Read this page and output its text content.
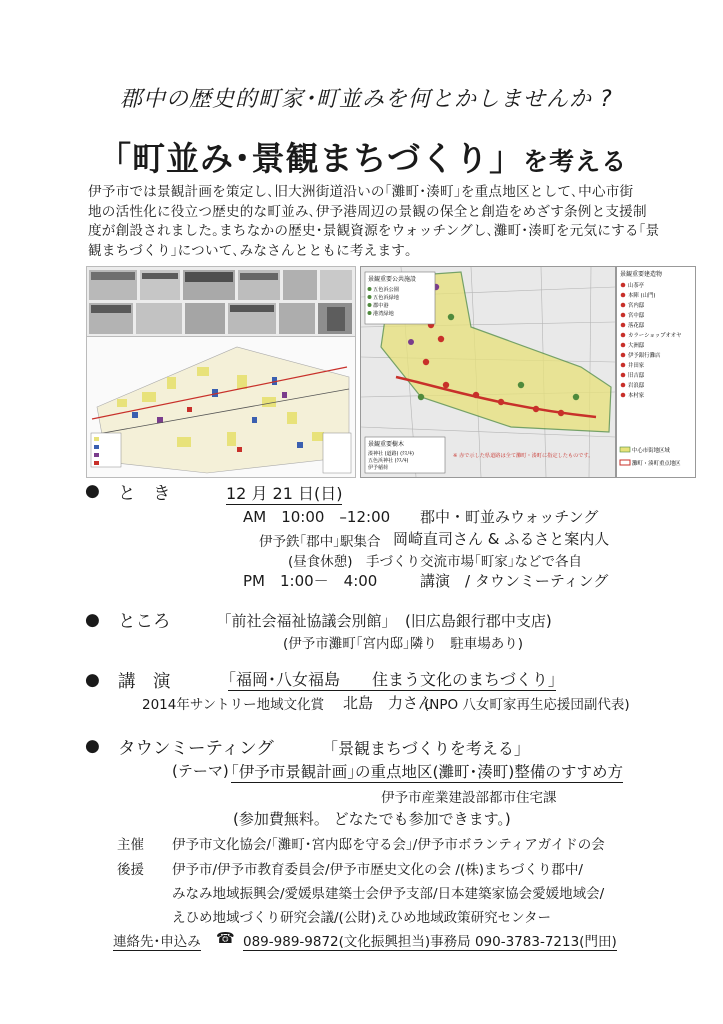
郡中の歴史的町家･町並みを何とかしませんか ?
「町並み･景観まちづくり」を考える

伊予市では景観計画を策定し､旧大洲街道沿いの｢灘町･湊町｣を重点地区として､中心市街

地の活性化に役立つ歴史的な町並み､伊予港周辺の景観の保全と創造をめざす条例と支援制

度が創設されました｡まちなかの歴史･景観資源をウォッチングし､灘町･湊町を元気にする｢景

観まちづくり｣について､みなさんとともに考えます｡

景観重要樹木
湊神社 (道路) (ｸｽﾉｷ)
五色浜神社 (ｸｽﾉｷ)
伊予稲荷
※ 赤で示した県道路は全て灘町・湊町に指定したものです。
景観重要公共施設
五色浜公園
五色浜緑地
郡中港
港湾緑地
景観重要建造物
山茶亭
本陣 (山門)
宮内邸
宮中邸
落花邸
カラーショップオオヤ
大洲邸
伊予銀行灘店
井田家
旧吉邸
岩浪邸
本村家
中心市街地区域
灘町・湊町重点地区
● と　き	12 月 21 日(日)
AM　10:00　–12:00 郡中・町並みウォッチング
伊予鉄｢郡中｣駅集合 岡崎直司さん & ふるさと案内人
(昼食休憩)　手づくり交流市場｢町家｣などで各自
PM　1:00－　4:00	講演　/ タウンミーティング
● ところ	｢前社会福祉協議会別館｣ (旧広島銀行郡中支店)
(伊予市灘町｢宮内邸｣隣り　駐車場あり)
● 講　演	｢福岡･八女福島　　住まう文化のまちづくり｣
2014年サントリー地域文化賞 北島　力さん
(NPO 八女町家再生応援団副代表)
● タウンミーティング	｢景観まちづくりを考える｣
(テーマ) ｢伊予市景観計画｣の重点地区(灘町･湊町)整備のすすめ方
伊予市産業建設部都市住宅課
(参加費無料。 どなたでも参加できます。)
主催 伊予市文化協会/｢灘町･宮内邸を守る会｣/伊予市ボランティアガイドの会
後援 伊予市/伊予市教育委員会/伊予市歴史文化の会 /(株)まちづくり郡中/
みなみ地域振興会/愛媛県建築士会伊予支部/日本建築家協会愛媛地域会/
えひめ地域づくり研究会議/(公財)えひめ地域政策研究センター
連絡先･申込み ☎ 089-989-9872(文化振興担当)事務局 090-3783-7213(門田)
